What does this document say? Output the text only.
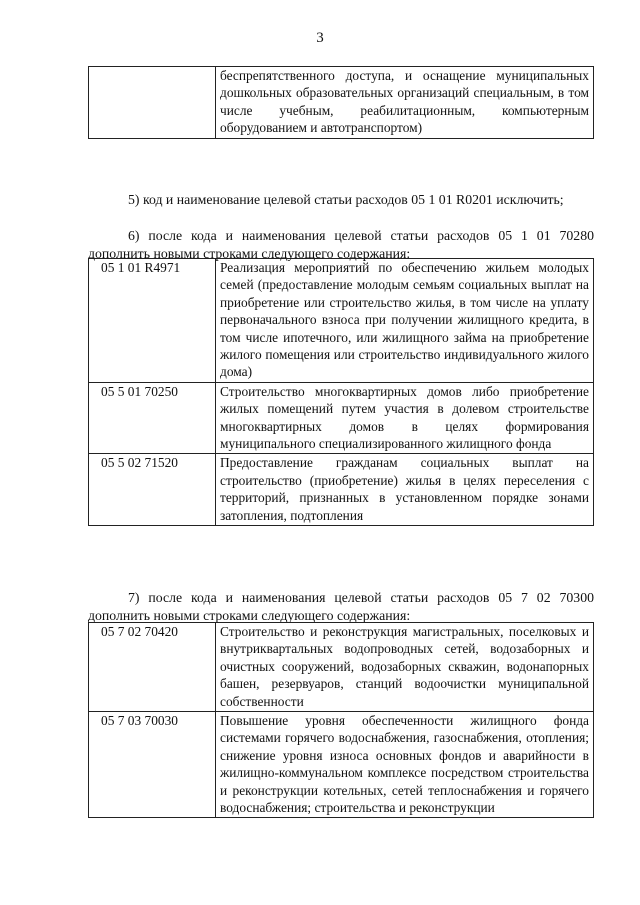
3
	беспрепятственного доступа, и оснащение муниципальных дошкольных образовательных организаций специальным, в том числе учебным, реабилитационным, компьютерным оборудованием и автотранспортом)

5) код и наименование целевой статьи расходов 05 1 01 R0201 исключить;

6) после кода и наименования целевой статьи расходов 05 1 01 70280 дополнить новыми строками следующего содержания:

05 1 01 R4971	Реализация мероприятий по обеспечению жильем молодых семей (предоставление молодым семьям социальных выплат на приобретение или строительство жилья, в том числе на уплату первоначального взноса при получении жилищного кредита, в том числе ипотечного, или жилищного займа на приобретение жилого помещения или строительство индивидуального жилого дома)
05 5 01 70250	Строительство многоквартирных домов либо приобретение жилых помещений путем участия в долевом строительстве многоквартирных домов в целях формирования муниципального специализированного жилищного фонда
05 5 02 71520	Предоставление гражданам социальных выплат на строительство (приобретение) жилья в целях переселения с территорий, признанных в установленном порядке зонами затопления, подтопления

7) после кода и наименования целевой статьи расходов 05 7 02 70300 дополнить новыми строками следующего содержания:

05 7 02 70420	Строительство и реконструкция магистральных, поселковых и внутриквартальных водопроводных сетей, водозаборных и очистных сооружений, водозаборных скважин, водонапорных башен, резервуаров, станций водоочистки муниципальной собственности
05 7 03 70030	Повышение уровня обеспеченности жилищного фонда системами горячего водоснабжения, газоснабжения, отопления; снижение уровня износа основных фондов и аварийности в жилищно-коммунальном комплексе посредством строительства и реконструкции котельных, сетей теплоснабжения и горячего водоснабжения; строительства и реконструкции
